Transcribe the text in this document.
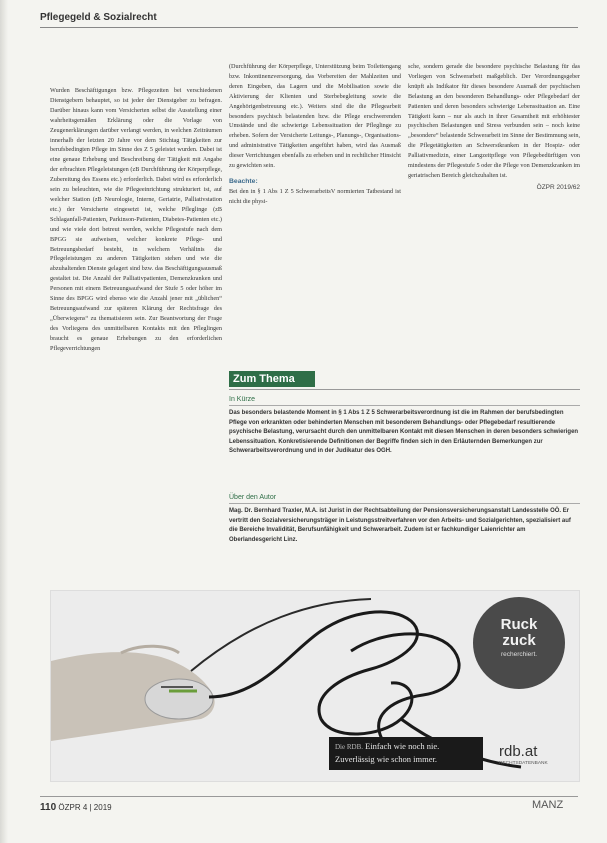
Pflegegeld & Sozialrecht

Wurden Beschäftigungen bzw. Pflegezeiten bei verschiedenen Dienstgebern behauptet, so ist jeder der Dienstgeber zu befragen. Darüber hinaus kann vom Versicherten selbst die Ausstellung einer wahrheitsgemäßen Erklärung oder die Vorlage von Zeugenerklärungen darüber verlangt werden, in welchen Zeiträumen innerhalb der letzten 20 Jahre vor dem Stichtag Tätigkeiten zur berufsbedingten Pflege im Sinne des Z 5 geleistet wurden. Dabei ist eine genaue Erhebung und Beschreibung der Tätigkeit mit Angabe der erbrachten Pflegeleistungen (zB Durchführung der Körperpflege, Zubereitung des Essens etc.) erforderlich. Dabei wird es erforderlich sein zu beleuchten, wie die Pflegeeinrichtung strukturiert ist, auf welcher Station (zB Neurologie, Interne, Geriatrie, Palliativstation etc.) der Versicherte eingesetzt ist, welche Pfleglinge (zB Schlaganfall-Patienten, Parkinson-Patienten, Diabetes-Patienten etc.) und wie viele dort betreut werden, welche Pflegestufe nach dem BPGG sie aufweisen, welcher konkrete Pflege- und Betreuungsbedarf besteht, in welchem Verhältnis die Pflegeleistungen zu anderen Tätigkeiten stehen und wie die abzuhaltenden Dienste gelagert sind bzw. das Beschäftigungsausmaß gestaltet ist. Die Anzahl der Palliativpatienten, Demenzkranken und Personen mit einem Betreuungsaufwand der Stufe 5 oder höher im Sinne des BPGG wird ebenso wie die Anzahl jener mit „üblichen“ Betreuungsaufwand zur späteren Klärung der Rechtsfrage des „Überwiegens“ zu thematisieren sein. Zur Beantwortung der Frage des Vorliegens des unmittelbaren Kontakts mit den Pfleglingen braucht es genaue Erhebungen zu den erforderlichen Pflegeverrichtungen

(Durchführung der Körperpflege, Unterstützung beim Toilettengang bzw. Inkontinenzversorgung, das Vorbereiten der Mahlzeiten und deren Eingeben, das Lagern und die Mobilisation sowie die Aktivierung der Klienten und Sterbebegleitung sowie die Angehörigenbetreuung etc.). Weiters sind die die Pflegearbeit besonders psychisch belastenden bzw. die Pflege erschwerenden Umstände und die schwierige Lebenssituation der Pfleglinge zu erheben. Sofern der Versicherte Leitungs-, Planungs-, Organisations- und administrative Tätigkeiten angeführt haben, wird das Ausmaß dieser Verrichtungen ebenfalls zu erheben und in rechtlicher Hinsicht zu gewichten sein.

Beachte:

Bei den in § 1 Abs 1 Z 5 SchwerarbeitsV normierten Tatbestand ist nicht die physi-

sche, sondern gerade die besondere psychische Belastung für das Vorliegen von Schwerarbeit maßgeblich. Der Verordnungsgeber knüpft als Indikator für dieses besondere Ausmaß der psychischen Belastung an den besonderen Behandlungs- oder Pflegebedarf der Patienten und deren besonders schwierige Lebenssituation an. Eine Tätigkeit kann – nur als auch in ihrer Gesamtheit mit erhöhtester psychischen Belastungen und Stress verbunden sein – noch keine „besondere“ belastende Schwerarbeit im Sinne der Bestimmung sein, die Pflegetätigkeiten an Schwerstkranken in der Hospiz- oder Palliativmedizin, einer Langzeitpflege von Pflegebedürftigen von mindestens der Pflegestufe 5 oder die Pflege von Demenzkranken im geriatrischen Bereich gleichzuhalten ist.

ÖZPR 2019/62
Zum Thema
In Kürze
Das besonders belastende Moment in § 1 Abs 1 Z 5 Schwerarbeitsverordnung ist die im Rahmen der berufsbedingten Pflege von erkrankten oder behinderten Menschen mit besonderem Behandlungs- oder Pflegebedarf resultierende psychische Belastung, verursacht durch den unmittelbaren Kontakt mit diesen Menschen in deren besonders schwierigen Lebenssituation. Konkretisierende Definitionen der Begriffe finden sich in den Erläuternden Bemerkungen zur Schwerarbeitsverordnung und in der Judikatur des OGH.
Über den Autor
Mag. Dr. Bernhard Traxler, M.A. ist Jurist in der Rechtsabteilung der Pensionsversicherungsanstalt Landesstelle OÖ. Er vertritt den Sozialversicherungsträger in Leistungsstreitverfahren vor den Arbeits- und Sozialgerichten, spezialisiert auf die Bereiche Invalidität, Berufsunfähigkeit und Schwerarbeit. Zudem ist er fachkundiger Laienrichter am Oberlandesgericht Linz.
Ruck
zuck
recherchiert.
Die RDB. Einfach wie noch nie.
Zuverlässig wie schon immer.	rdb.at
RECHTSDATENBANK
110 ÖZPR 4 | 2019	MANZ
